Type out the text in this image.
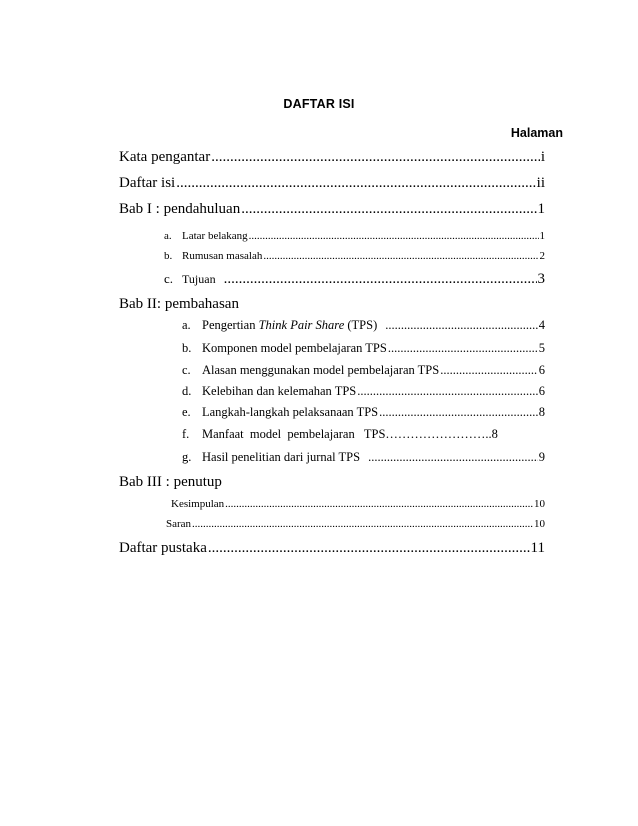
DAFTAR ISI
Halaman
Kata pengantar .....	i
Daftar isi .....	ii
Bab I : pendahuluan .....	1
a. Latar belakang .....	1
b. Rumusan masalah .....	2
c. Tujuan .....	3
Bab II: pembahasan
a. Pengertian Think Pair Share (TPS) .....	4
b. Komponen model pembelajaran TPS .....	5
c. Alasan menggunakan model pembelajaran TPS .....	6
d. Kelebihan dan kelemahan TPS .....	6
e. Langkah-langkah pelaksanaan TPS .....	8
f.	Manfaat  model  pembelajaran   TPS……………………..8
g. Hasil penelitian dari jurnal TPS .....	9
Bab III : penutup
Kesimpulan .....	10
Saran .....	10
Daftar pustaka .....	11
